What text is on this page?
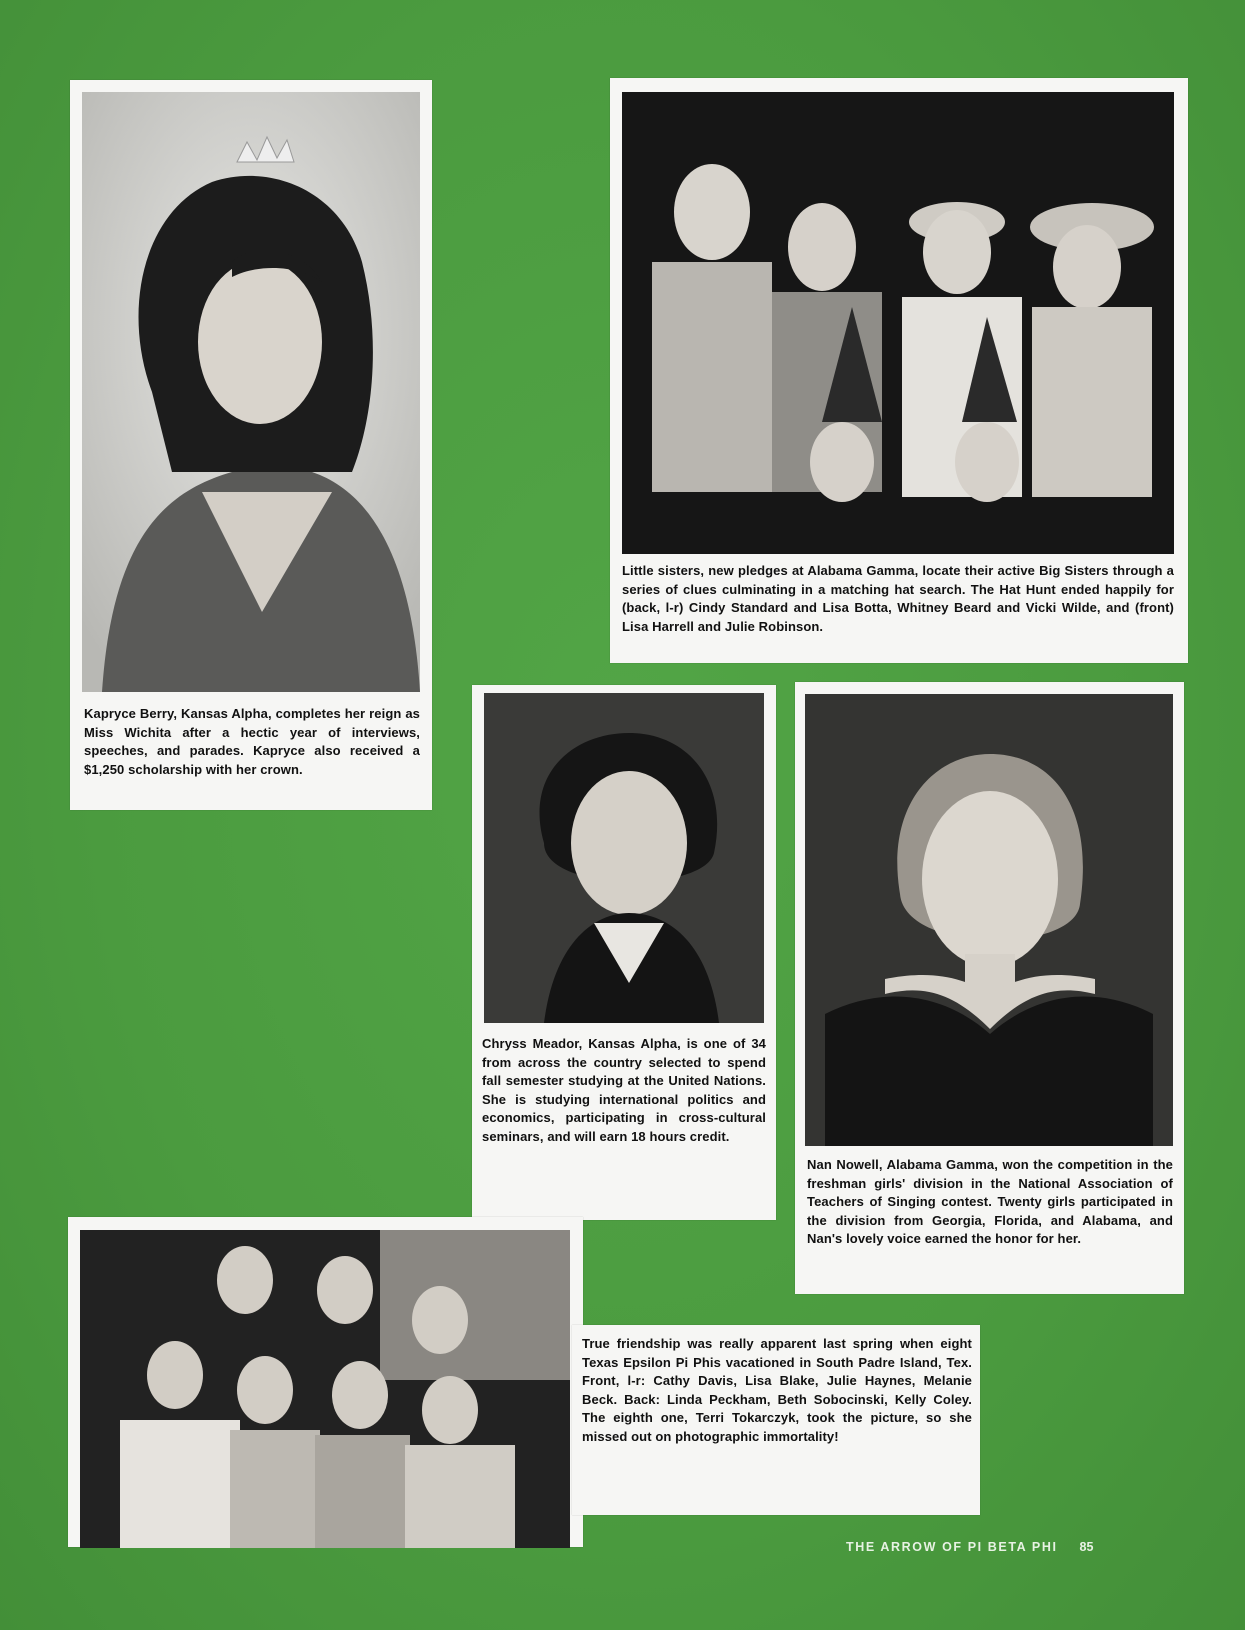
Kapryce Berry, Kansas Alpha, completes her reign as Miss Wichita after a hectic year of interviews, speeches, and parades. Kapryce also received a $1,250 scholarship with her crown.
Little sisters, new pledges at Alabama Gamma, locate their active Big Sisters through a series of clues culminating in a matching hat search. The Hat Hunt ended happily for (back, l-r) Cindy Standard and Lisa Botta, Whitney Beard and Vicki Wilde, and (front) Lisa Harrell and Julie Robinson.
Chryss Meador, Kansas Alpha, is one of 34 from across the country selected to spend fall semester studying at the United Nations. She is studying international politics and economics, participating in cross-cultural seminars, and will earn 18 hours credit.
Nan Nowell, Alabama Gamma, won the competition in the freshman girls' division in the National Association of Teachers of Singing contest. Twenty girls participated in the division from Georgia, Florida, and Alabama, and Nan's lovely voice earned the honor for her.
True friendship was really apparent last spring when eight Texas Epsilon Pi Phis vacationed in South Padre Island, Tex. Front, l-r: Cathy Davis, Lisa Blake, Julie Haynes, Melanie Beck. Back: Linda Peckham, Beth Sobocinski, Kelly Coley. The eighth one, Terri Tokarczyk, took the picture, so she missed out on photographic immortality!
THE ARROW OF PI BETA PHI 85
